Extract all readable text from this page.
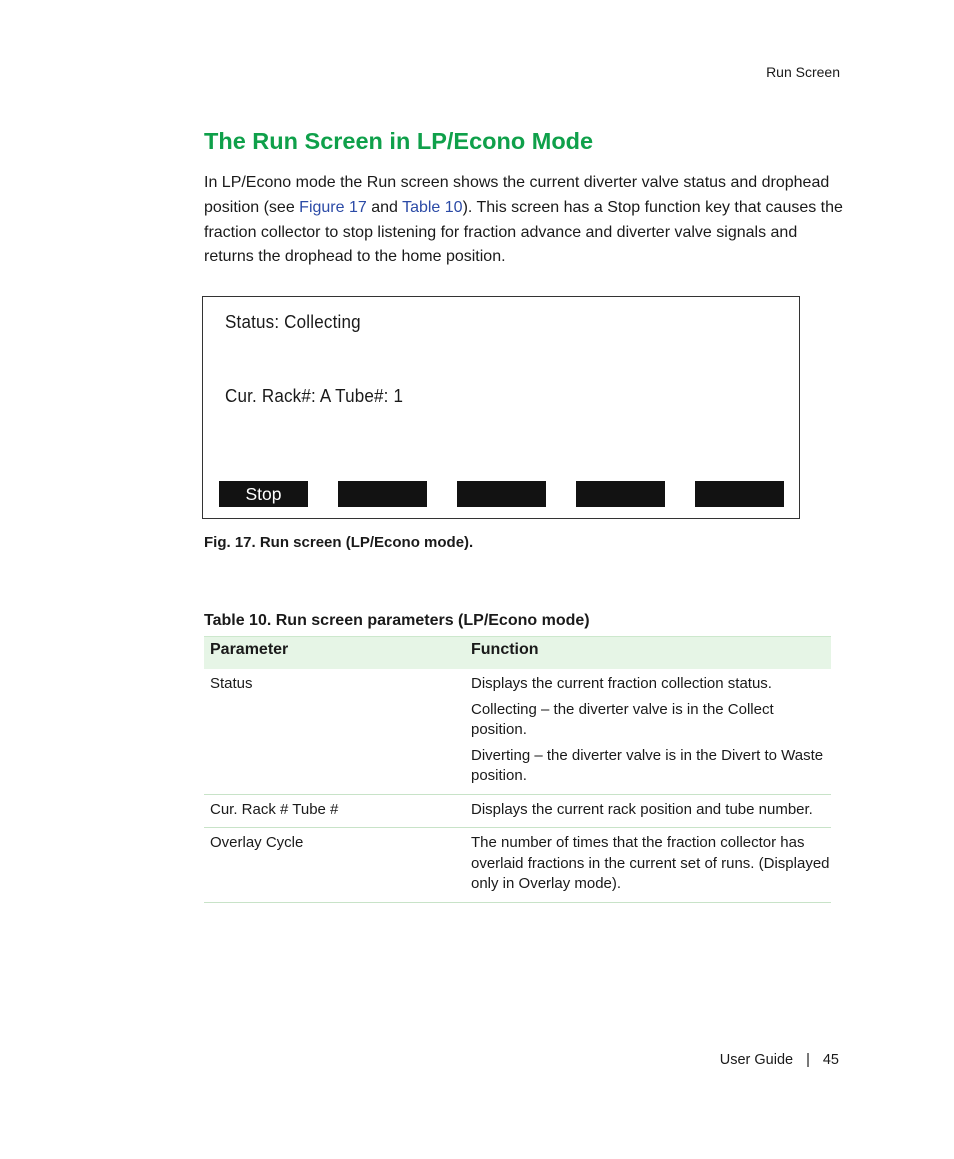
Run Screen
The Run Screen in LP/Econo Mode

In LP/Econo mode the Run screen shows the current diverter valve status and drophead position (see Figure 17 and Table 10). This screen has a Stop function key that causes the fraction collector to stop listening for fraction advance and diverter valve signals and returns the drophead to the home position.

Status: Collecting
Cur. Rack#: A Tube#: 1
Stop

Fig. 17. Run screen (LP/Econo mode).

Table 10. Run screen parameters (LP/Econo mode)

Parameter	Function
Status	Displays the current fraction collection status.

Collecting – the diverter valve is in the Collect position.

Diverting – the diverter valve is in the Divert to Waste position.

Cur. Rack # Tube #	Displays the current rack position and tube number.

Overlay Cycle	The number of times that the fraction collector has overlaid fractions in the current set of runs. (Displayed only in Overlay mode).

User Guide | 45
